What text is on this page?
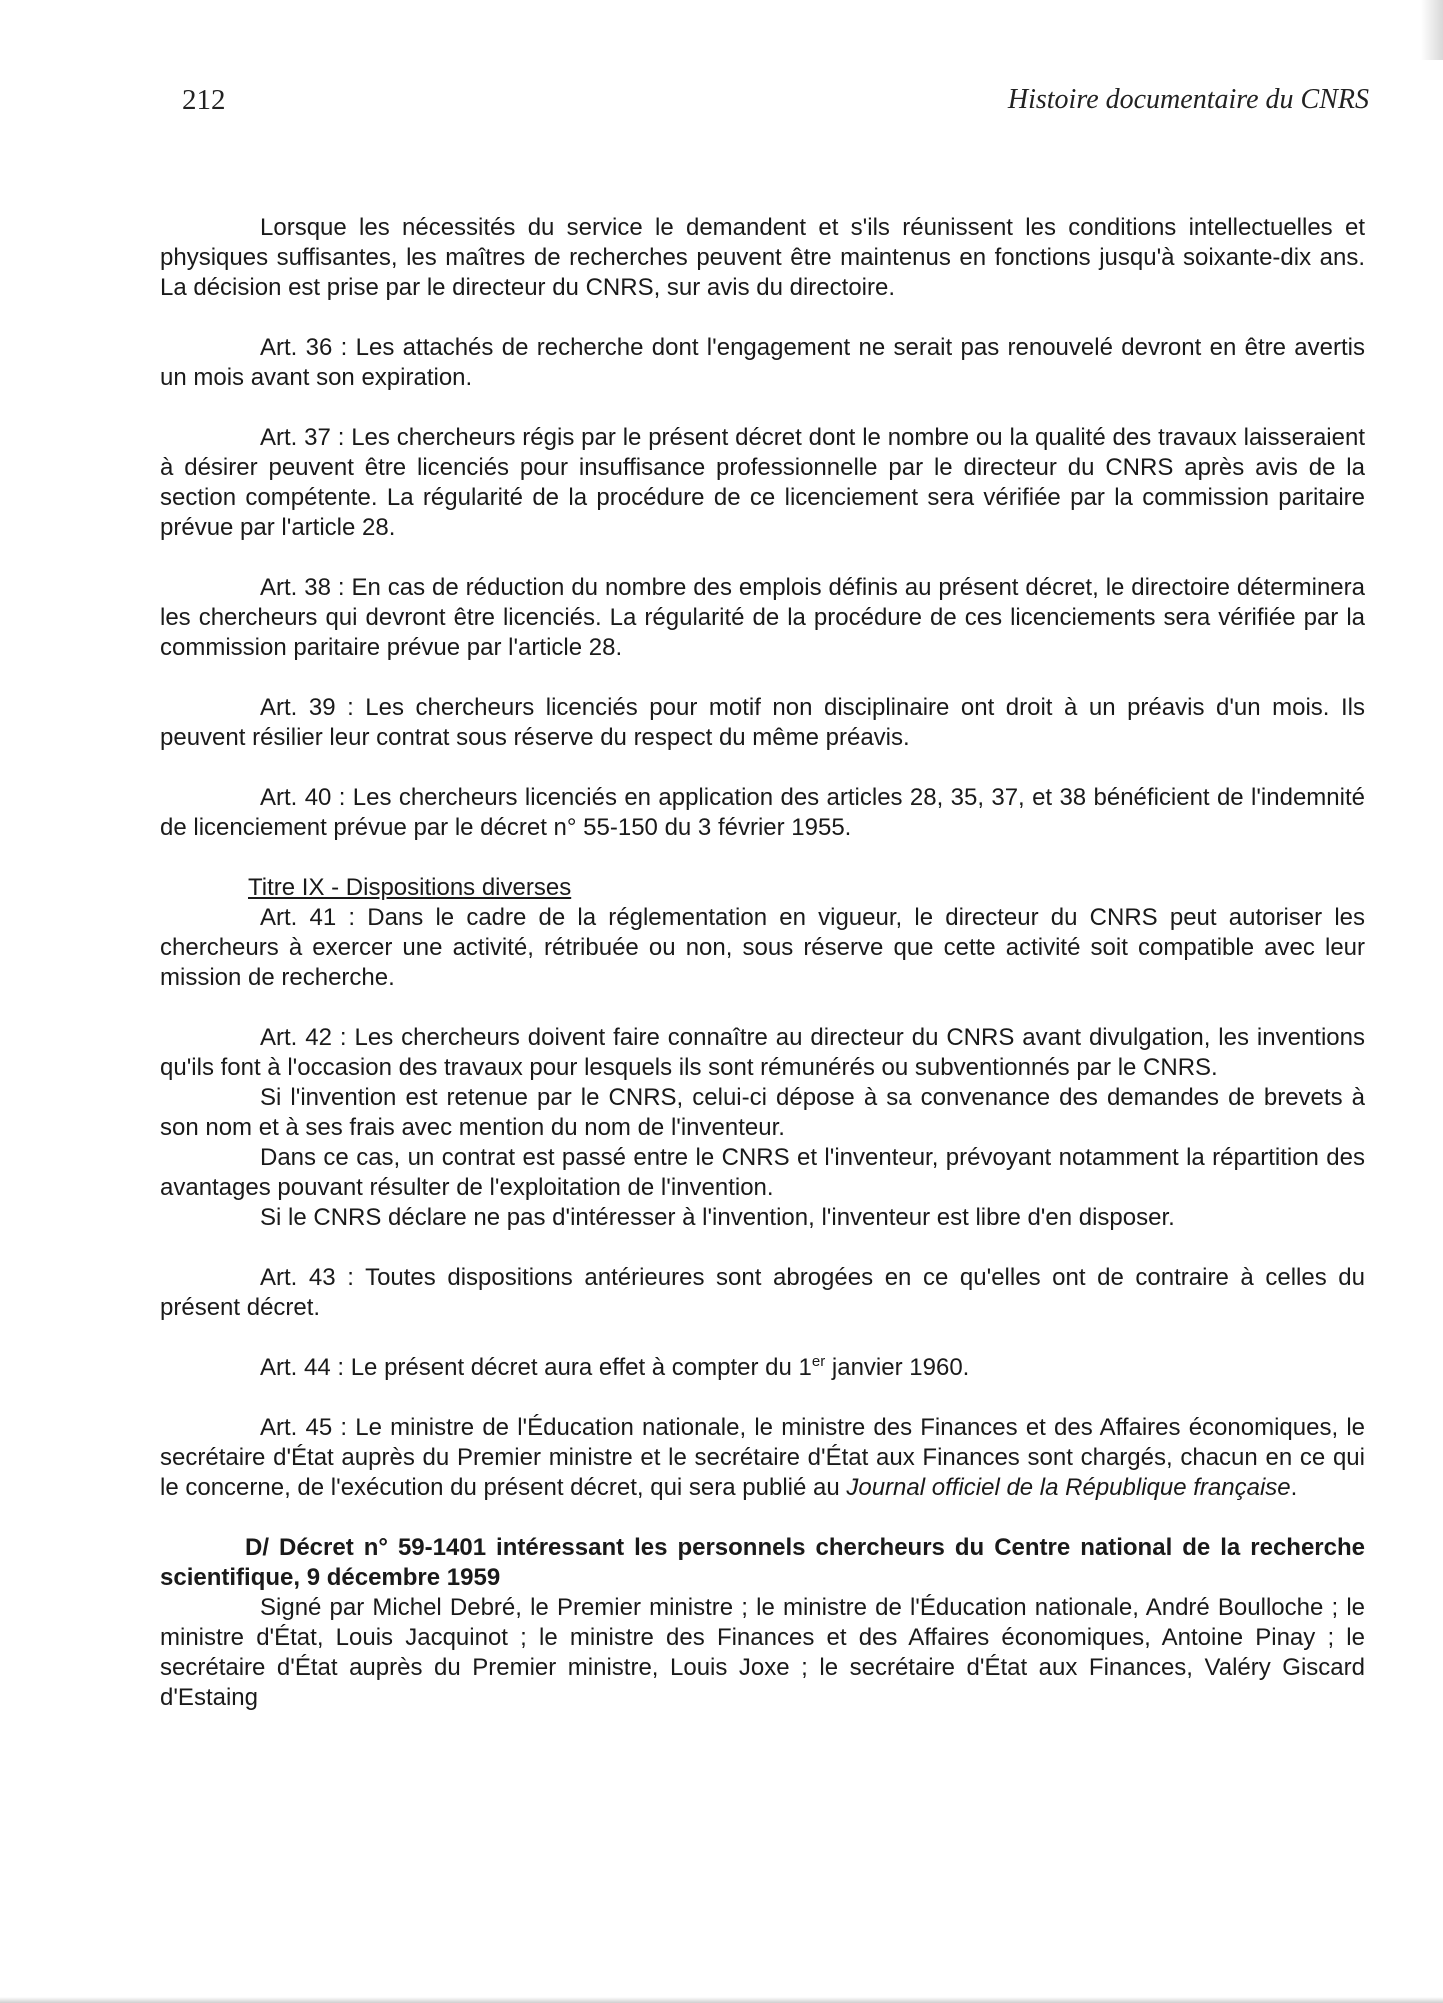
212	Histoire documentaire du CNRS

Lorsque les nécessités du service le demandent et s'ils réunissent les conditions intellectuelles et physiques suffisantes, les maîtres de recherches peuvent être maintenus en fonctions jusqu'à soixante-dix ans. La décision est prise par le directeur du CNRS, sur avis du directoire.

Art. 36 : Les attachés de recherche dont l'engagement ne serait pas renouvelé devront en être avertis un mois avant son expiration.

Art. 37 : Les chercheurs régis par le présent décret dont le nombre ou la qualité des travaux laisseraient à désirer peuvent être licenciés pour insuffisance professionnelle par le directeur du CNRS après avis de la section compétente. La régularité de la procédure de ce licenciement sera vérifiée par la commission paritaire prévue par l'article 28.

Art. 38 : En cas de réduction du nombre des emplois définis au présent décret, le directoire déterminera les chercheurs qui devront être licenciés. La régularité de la procédure de ces licenciements sera vérifiée par la commission paritaire prévue par l'article 28.

Art. 39 : Les chercheurs licenciés pour motif non disciplinaire ont droit à un préavis d'un mois. Ils peuvent résilier leur contrat sous réserve du respect du même préavis.

Art. 40 : Les chercheurs licenciés en application des articles 28, 35, 37, et 38 bénéficient de l'indemnité de licenciement prévue par le décret n° 55-150 du 3 février 1955.

Titre IX - Dispositions diverses

Art. 41 : Dans le cadre de la réglementation en vigueur, le directeur du CNRS peut autoriser les chercheurs à exercer une activité, rétribuée ou non, sous réserve que cette activité soit compatible avec leur mission de recherche.

Art. 42 : Les chercheurs doivent faire connaître au directeur du CNRS avant divulgation, les inventions qu'ils font à l'occasion des travaux pour lesquels ils sont rémunérés ou subventionnés par le CNRS.

Si l'invention est retenue par le CNRS, celui-ci dépose à sa convenance des demandes de brevets à son nom et à ses frais avec mention du nom de l'inventeur.

Dans ce cas, un contrat est passé entre le CNRS et l'inventeur, prévoyant notamment la répartition des avantages pouvant résulter de l'exploitation de l'invention.

Si le CNRS déclare ne pas d'intéresser à l'invention, l'inventeur est libre d'en disposer.

Art. 43 : Toutes dispositions antérieures sont abrogées en ce qu'elles ont de contraire à celles du présent décret.

Art. 44 : Le présent décret aura effet à compter du 1er janvier 1960.

Art. 45 : Le ministre de l'Éducation nationale, le ministre des Finances et des Affaires économiques, le secrétaire d'État auprès du Premier ministre et le secrétaire d'État aux Finances sont chargés, chacun en ce qui le concerne, de l'exécution du présent décret, qui sera publié au Journal officiel de la République française.

D/ Décret n° 59-1401 intéressant les personnels chercheurs du Centre national de la recherche scientifique, 9 décembre 1959

Signé par Michel Debré, le Premier ministre ; le ministre de l'Éducation nationale, André Boulloche ; le ministre d'État, Louis Jacquinot ; le ministre des Finances et des Affaires économiques, Antoine Pinay ; le secrétaire d'État auprès du Premier ministre, Louis Joxe ; le secrétaire d'État aux Finances, Valéry Giscard d'Estaing
